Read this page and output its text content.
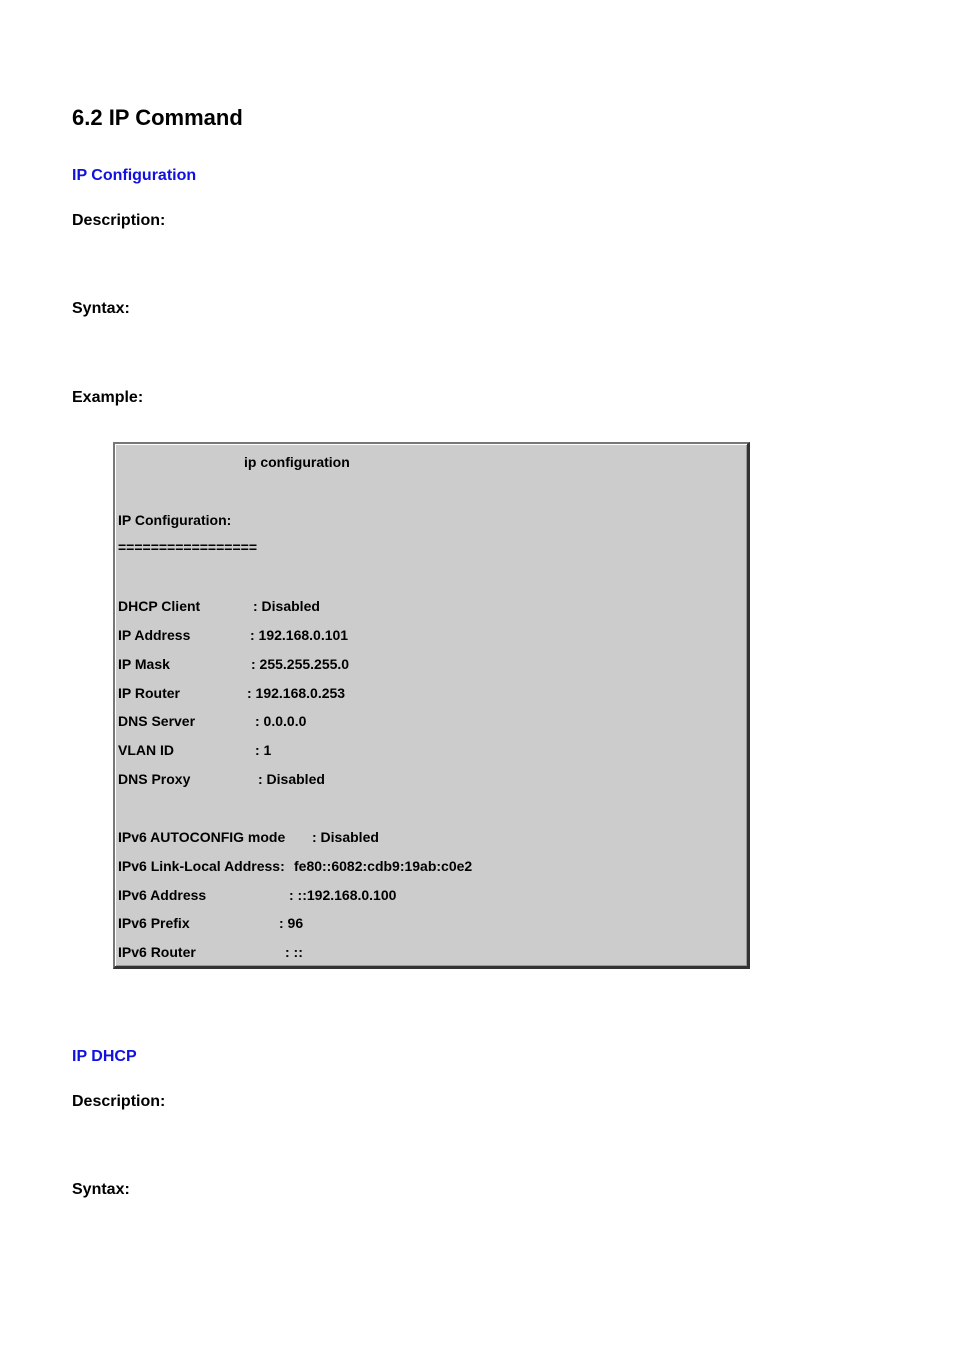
6.2 IP Command
IP Configuration
Description:
Syntax:
Example:
ip configuration
IP Configuration:
=================
DHCP Client	: Disabled
IP Address	: 192.168.0.101
IP Mask	: 255.255.255.0
IP Router	: 192.168.0.253
DNS Server	: 0.0.0.0
VLAN ID	: 1
DNS Proxy	: Disabled
IPv6 AUTOCONFIG mode : Disabled
IPv6 Link-Local Address: fe80::6082:cdb9:19ab:c0e2
IPv6 Address	: ::192.168.0.100
IPv6 Prefix	: 96
IPv6 Router	: ::
IP DHCP
Description:
Syntax:
